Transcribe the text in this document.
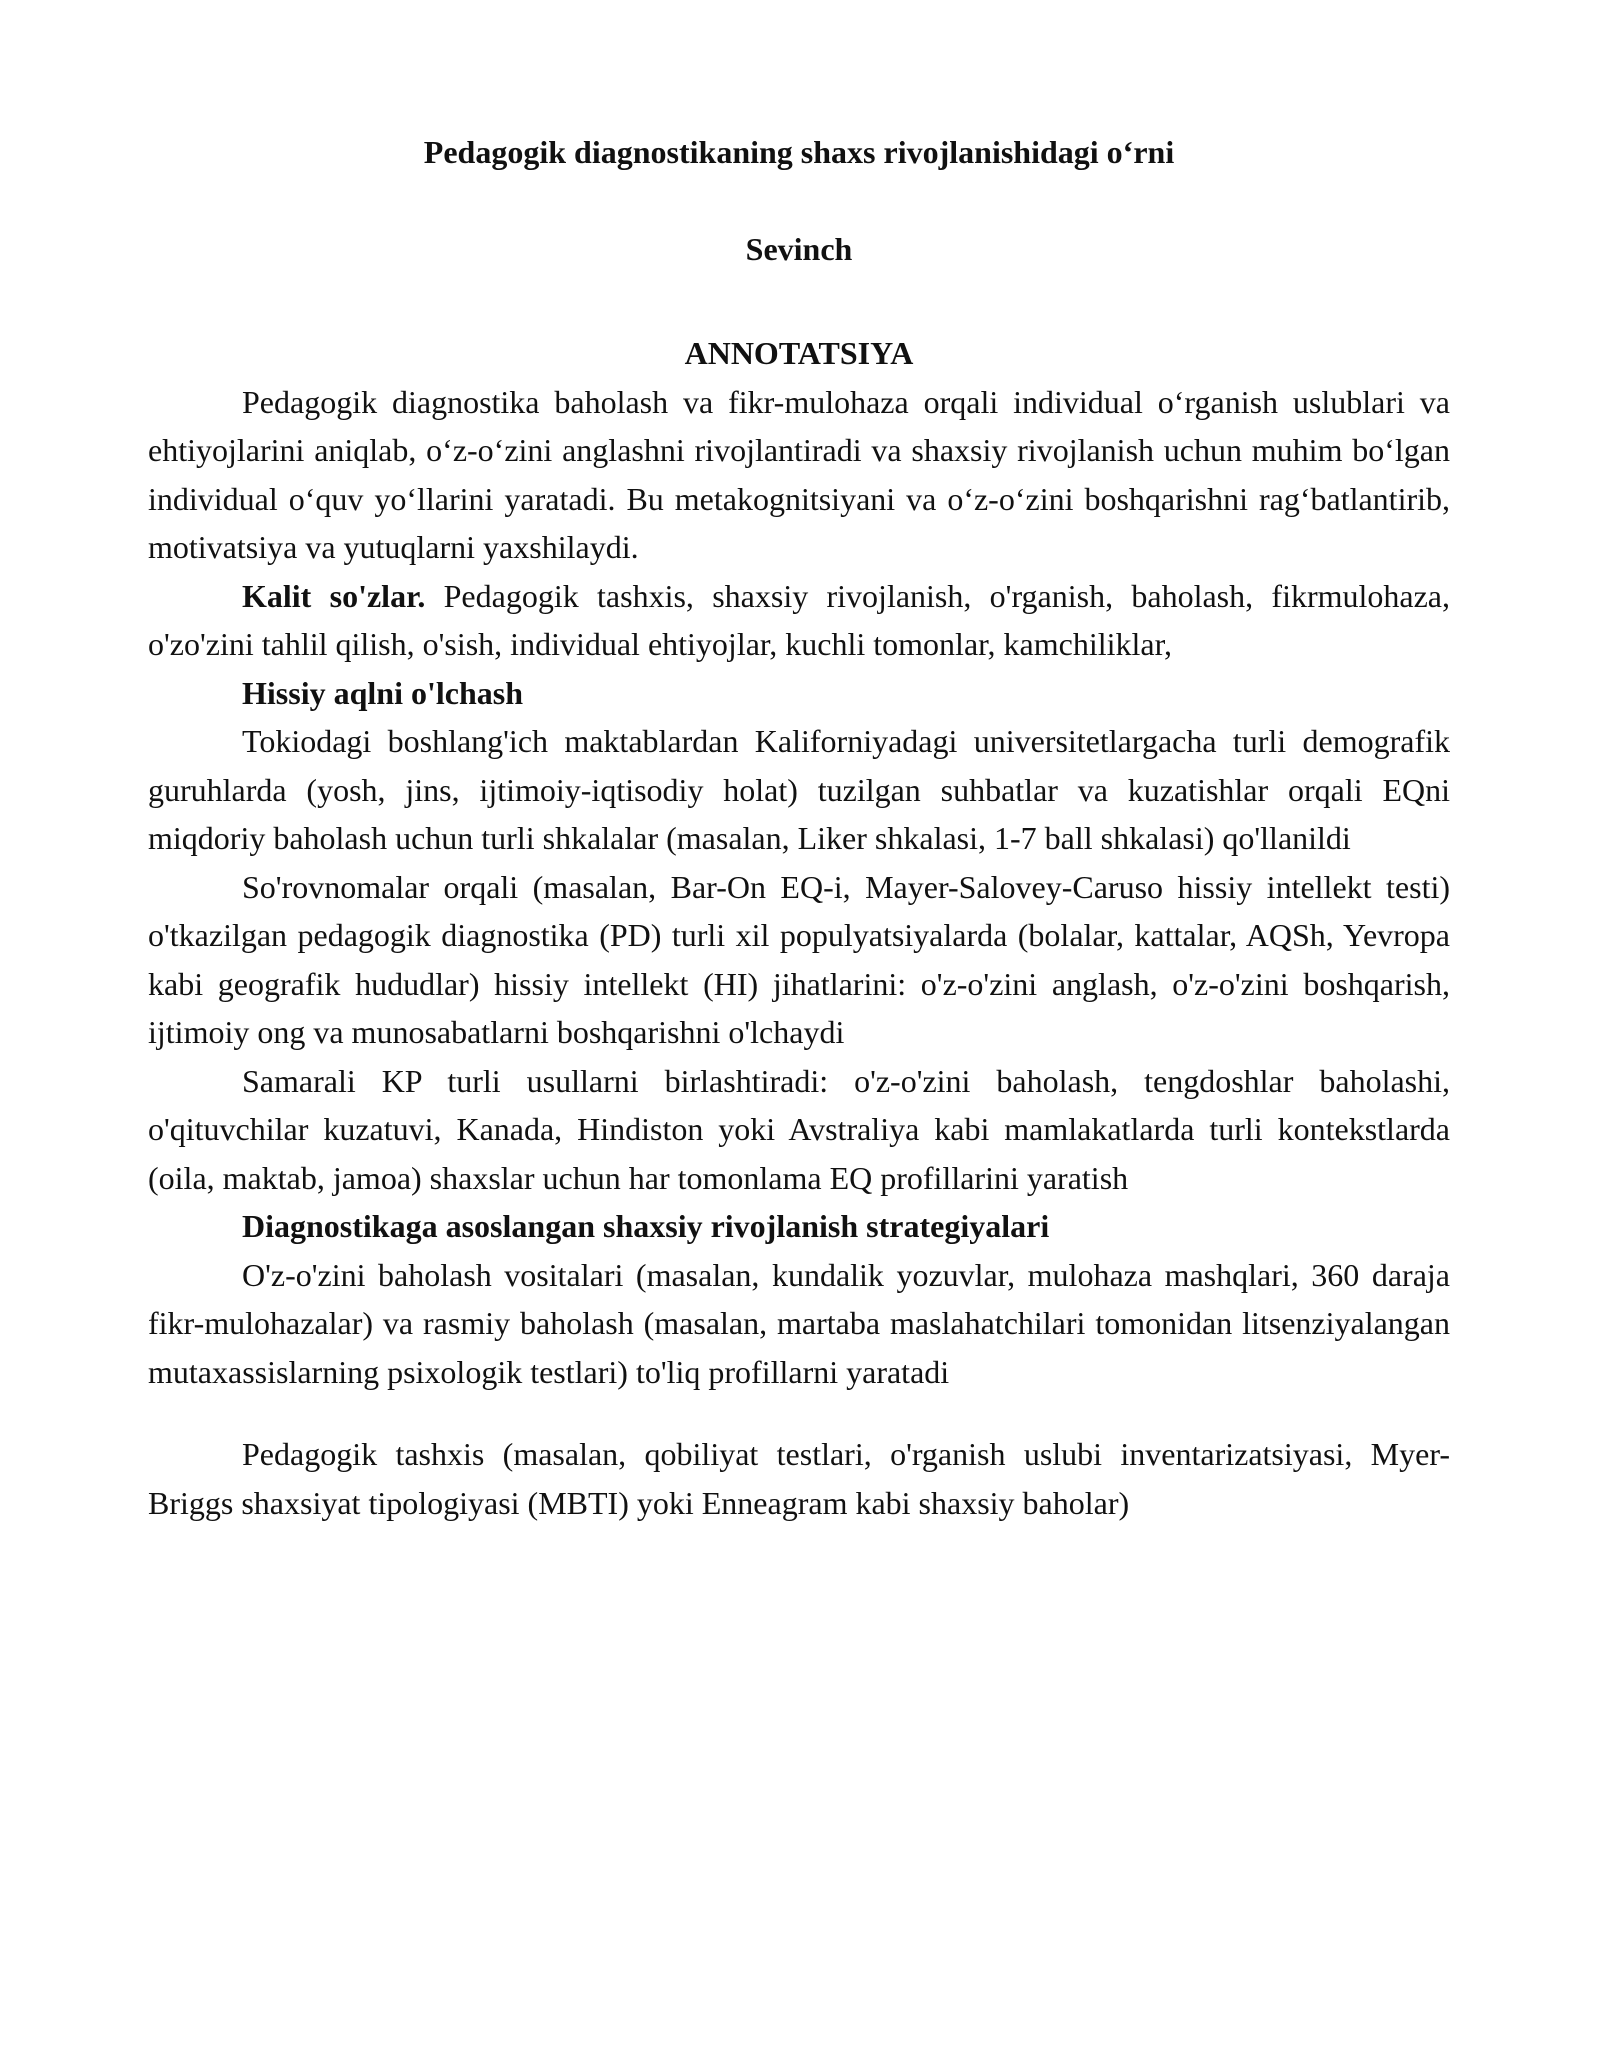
Pedagogik diagnostikaning shaxs rivojlanishidagi oʻrni
Sevinch
ANNOTATSIYA

Pedagogik diagnostika baholash va fikr-mulohaza orqali individual oʻrganish uslublari va ehtiyojlarini aniqlab, oʻz-oʻzini anglashni rivojlantiradi va shaxsiy rivojlanish uchun muhim boʻlgan individual oʻquv yoʻllarini yaratadi. Bu metakognitsiyani va oʻz-oʻzini boshqarishni ragʻbatlantirib, motivatsiya va yutuqlarni yaxshilaydi.

Kalit so'zlar. Pedagogik tashxis, shaxsiy rivojlanish, o'rganish, baholash, fikrmulohaza, o'zo'zini tahlil qilish, o'sish, individual ehtiyojlar, kuchli tomonlar, kamchiliklar,

Hissiy aqlni o'lchash

Tokiodagi boshlang'ich maktablardan Kaliforniyadagi universitetlargacha turli demografik guruhlarda (yosh, jins, ijtimoiy-iqtisodiy holat) tuzilgan suhbatlar va kuzatishlar orqali EQni miqdoriy baholash uchun turli shkalalar (masalan, Liker shkalasi, 1-7 ball shkalasi) qo'llanildi

So'rovnomalar orqali (masalan, Bar-On EQ-i, Mayer-Salovey-Caruso hissiy intellekt testi) o'tkazilgan pedagogik diagnostika (PD) turli xil populyatsiyalarda (bolalar, kattalar, AQSh, Yevropa kabi geografik hududlar) hissiy intellekt (HI) jihatlarini: o'z-o'zini anglash, o'z-o'zini boshqarish, ijtimoiy ong va munosabatlarni boshqarishni o'lchaydi

Samarali KP turli usullarni birlashtiradi: o'z-o'zini baholash, tengdoshlar baholashi, o'qituvchilar kuzatuvi, Kanada, Hindiston yoki Avstraliya kabi mamlakatlarda turli kontekstlarda (oila, maktab, jamoa) shaxslar uchun har tomonlama EQ profillarini yaratish

Diagnostikaga asoslangan shaxsiy rivojlanish strategiyalari

O'z-o'zini baholash vositalari (masalan, kundalik yozuvlar, mulohaza mashqlari, 360 daraja fikr-mulohazalar) va rasmiy baholash (masalan, martaba maslahatchilari tomonidan litsenziyalangan mutaxassislarning psixologik testlari) to'liq profillarni yaratadi

Pedagogik tashxis (masalan, qobiliyat testlari, o'rganish uslubi inventarizatsiyasi, Myer-Briggs shaxsiyat tipologiyasi (MBTI) yoki Enneagram kabi shaxsiy baholar)
